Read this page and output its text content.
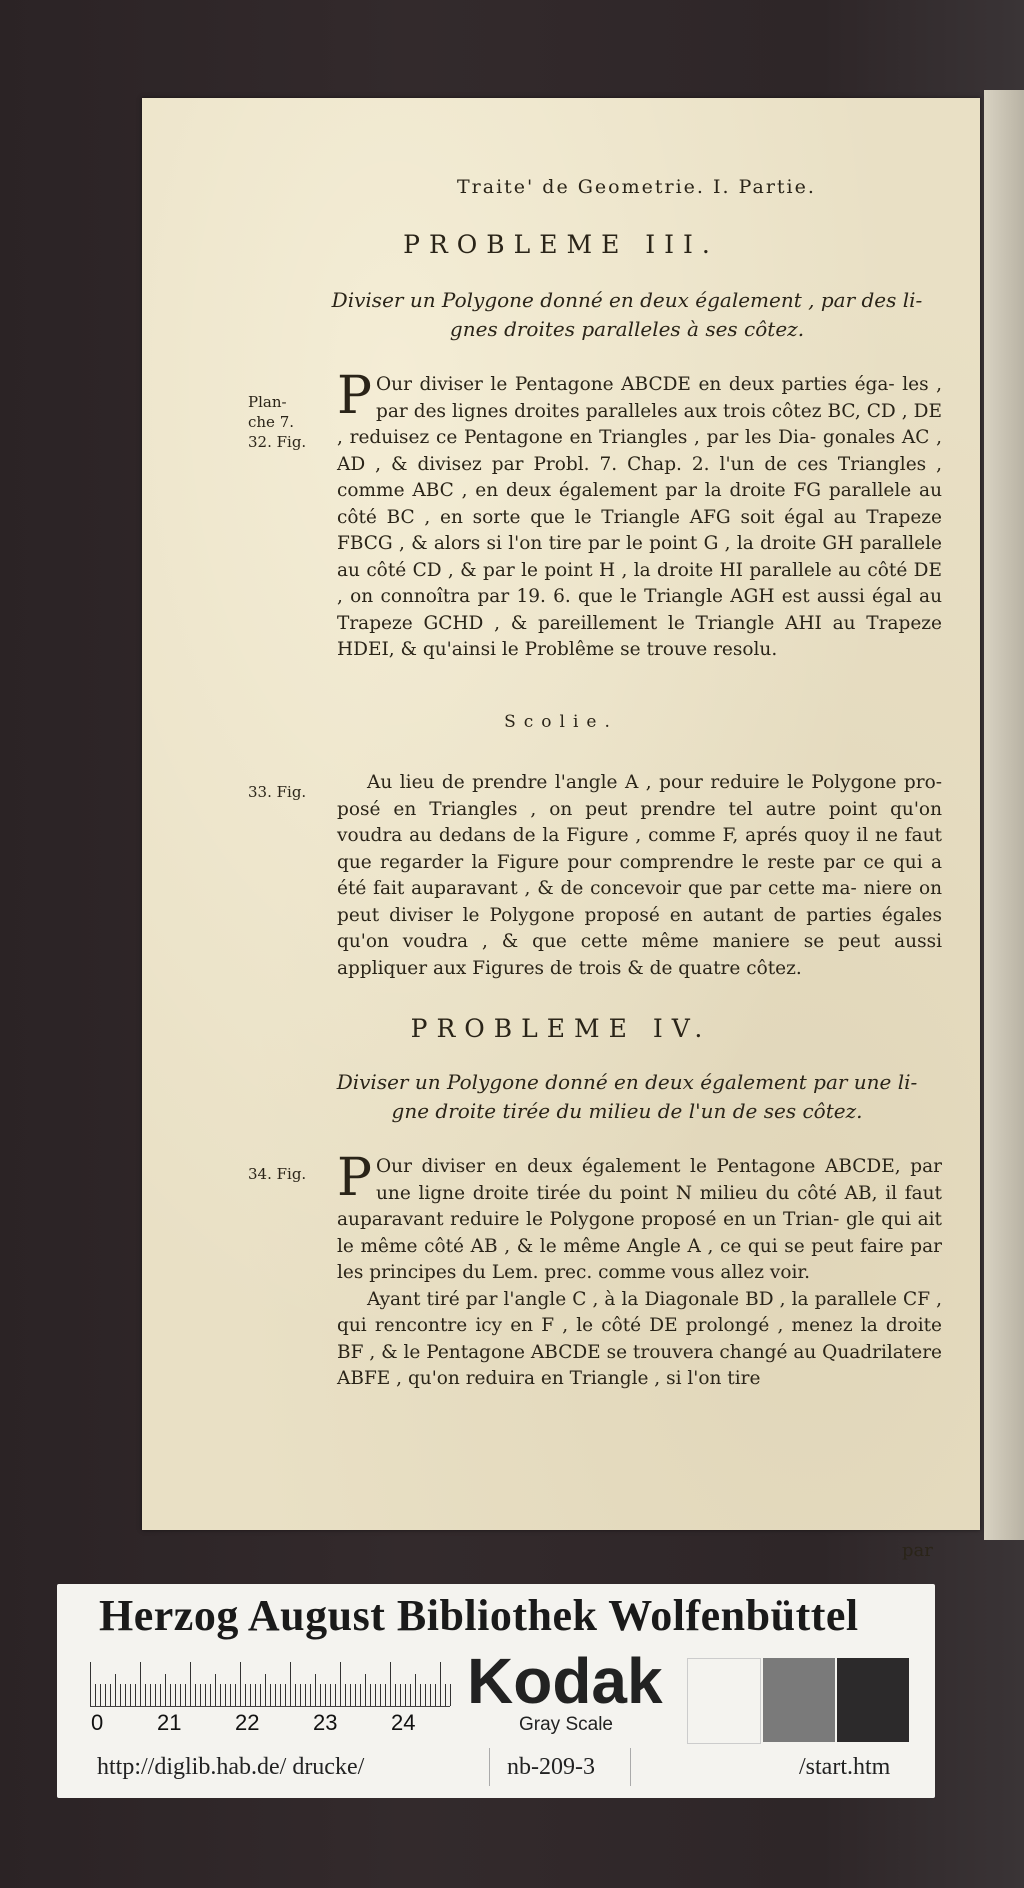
Traite' de Geometrie. I. Partie.
PROBLEME III.
Diviser un Polygone donné en deux également , par des li- gnes droites paralleles à ses côtez.
Plan- che 7. 32. Fig.
P Our diviser le Pentagone ABCDE en deux parties éga- les , par des lignes droites paralleles aux trois côtez BC, CD , DE , reduisez ce Pentagone en Triangles , par les Dia- gonales AC , AD , & divisez par Probl. 7. Chap. 2. l'un de ces Triangles , comme ABC , en deux également par la droite FG parallele au côté BC , en sorte que le Triangle AFG soit égal au Trapeze FBCG , & alors si l'on tire par le point G , la droite GH parallele au côté CD , & par le point H , la droite HI parallele au côté DE , on connoîtra par 19. 6. que le Triangle AGH est aussi égal au Trapeze GCHD , & pareillement le Triangle AHI au Trapeze HDEI, & qu'ainsi le Problême se trouve resolu.
Scolie.
33. Fig.	Au lieu de prendre l'angle A , pour reduire le Polygone pro- posé en Triangles , on peut prendre tel autre point qu'on voudra au dedans de la Figure , comme F, aprés quoy il ne faut que regarder la Figure pour comprendre le reste par ce qui a été fait auparavant , & de concevoir que par cette ma- niere on peut diviser le Polygone proposé en autant de parties égales qu'on voudra , & que cette même maniere se peut aussi appliquer aux Figures de trois & de quatre côtez.

PROBLEME IV.
Diviser un Polygone donné en deux également par une li- gne droite tirée du milieu de l'un de ses côtez.
34. Fig. P Our diviser en deux également le Pentagone ABCDE, par une ligne droite tirée du point N milieu du côté AB, il faut auparavant reduire le Polygone proposé en un Trian- gle qui ait le même côté AB , & le même Angle A , ce qui se peut faire par les principes du Lem. prec. comme vous allez voir.

Ayant tiré par l'angle C , à la Diagonale BD , la parallele CF , qui rencontre icy en F , le côté DE prolongé , menez la droite BF , & le Pentagone ABCDE se trouvera changé au Quadrilatere ABFE , qu'on reduira en Triangle , si l'on tire

par
Herzog August Bibliothek Wolfenbüttel
0 21 22 23 24
Kodak
Gray Scale
http://diglib.hab.de/ drucke/	nb-209-3	/start.htm
